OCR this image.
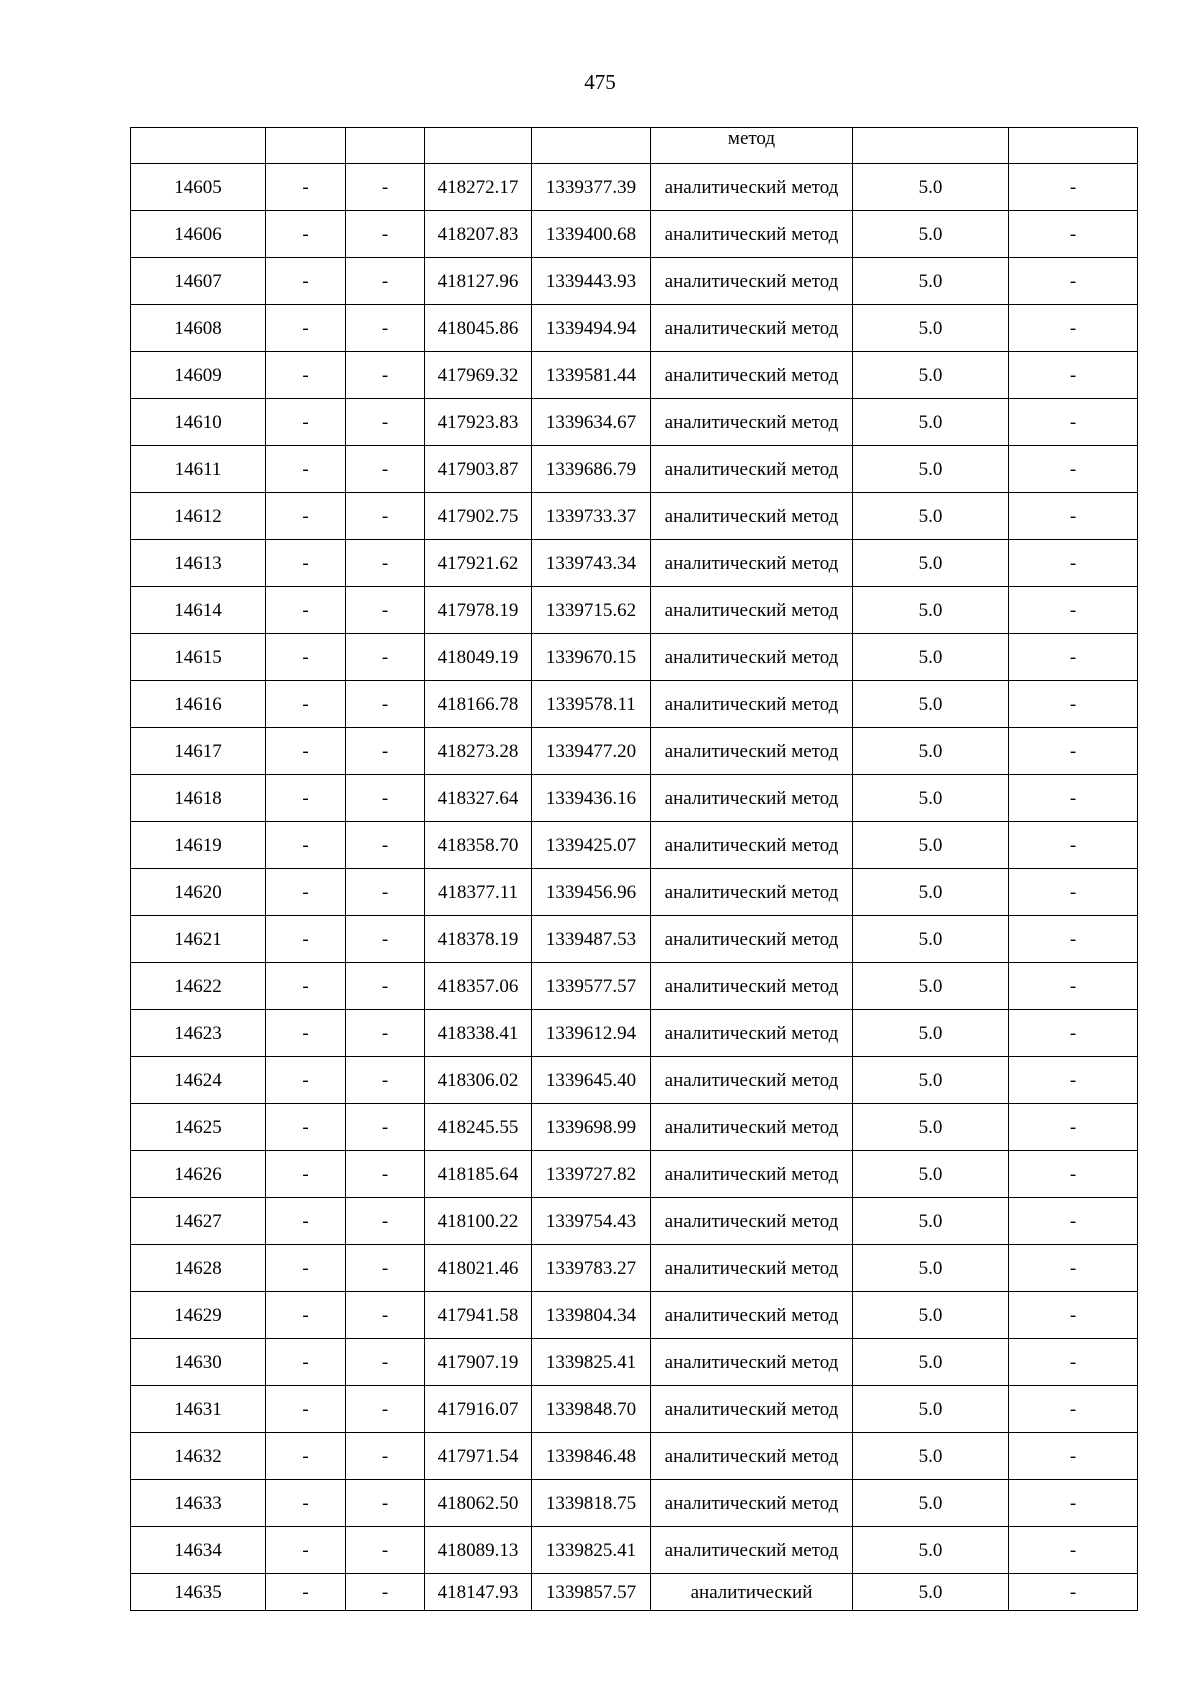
475
					метод		
14605	-	-	418272.17	1339377.39	аналитический метод	5.0	-
14606	-	-	418207.83	1339400.68	аналитический метод	5.0	-
14607	-	-	418127.96	1339443.93	аналитический метод	5.0	-
14608	-	-	418045.86	1339494.94	аналитический метод	5.0	-
14609	-	-	417969.32	1339581.44	аналитический метод	5.0	-
14610	-	-	417923.83	1339634.67	аналитический метод	5.0	-
14611	-	-	417903.87	1339686.79	аналитический метод	5.0	-
14612	-	-	417902.75	1339733.37	аналитический метод	5.0	-
14613	-	-	417921.62	1339743.34	аналитический метод	5.0	-
14614	-	-	417978.19	1339715.62	аналитический метод	5.0	-
14615	-	-	418049.19	1339670.15	аналитический метод	5.0	-
14616	-	-	418166.78	1339578.11	аналитический метод	5.0	-
14617	-	-	418273.28	1339477.20	аналитический метод	5.0	-
14618	-	-	418327.64	1339436.16	аналитический метод	5.0	-
14619	-	-	418358.70	1339425.07	аналитический метод	5.0	-
14620	-	-	418377.11	1339456.96	аналитический метод	5.0	-
14621	-	-	418378.19	1339487.53	аналитический метод	5.0	-
14622	-	-	418357.06	1339577.57	аналитический метод	5.0	-
14623	-	-	418338.41	1339612.94	аналитический метод	5.0	-
14624	-	-	418306.02	1339645.40	аналитический метод	5.0	-
14625	-	-	418245.55	1339698.99	аналитический метод	5.0	-
14626	-	-	418185.64	1339727.82	аналитический метод	5.0	-
14627	-	-	418100.22	1339754.43	аналитический метод	5.0	-
14628	-	-	418021.46	1339783.27	аналитический метод	5.0	-
14629	-	-	417941.58	1339804.34	аналитический метод	5.0	-
14630	-	-	417907.19	1339825.41	аналитический метод	5.0	-
14631	-	-	417916.07	1339848.70	аналитический метод	5.0	-
14632	-	-	417971.54	1339846.48	аналитический метод	5.0	-
14633	-	-	418062.50	1339818.75	аналитический метод	5.0	-
14634	-	-	418089.13	1339825.41	аналитический метод	5.0	-
14635	-	-	418147.93	1339857.57	аналитический	5.0	-
